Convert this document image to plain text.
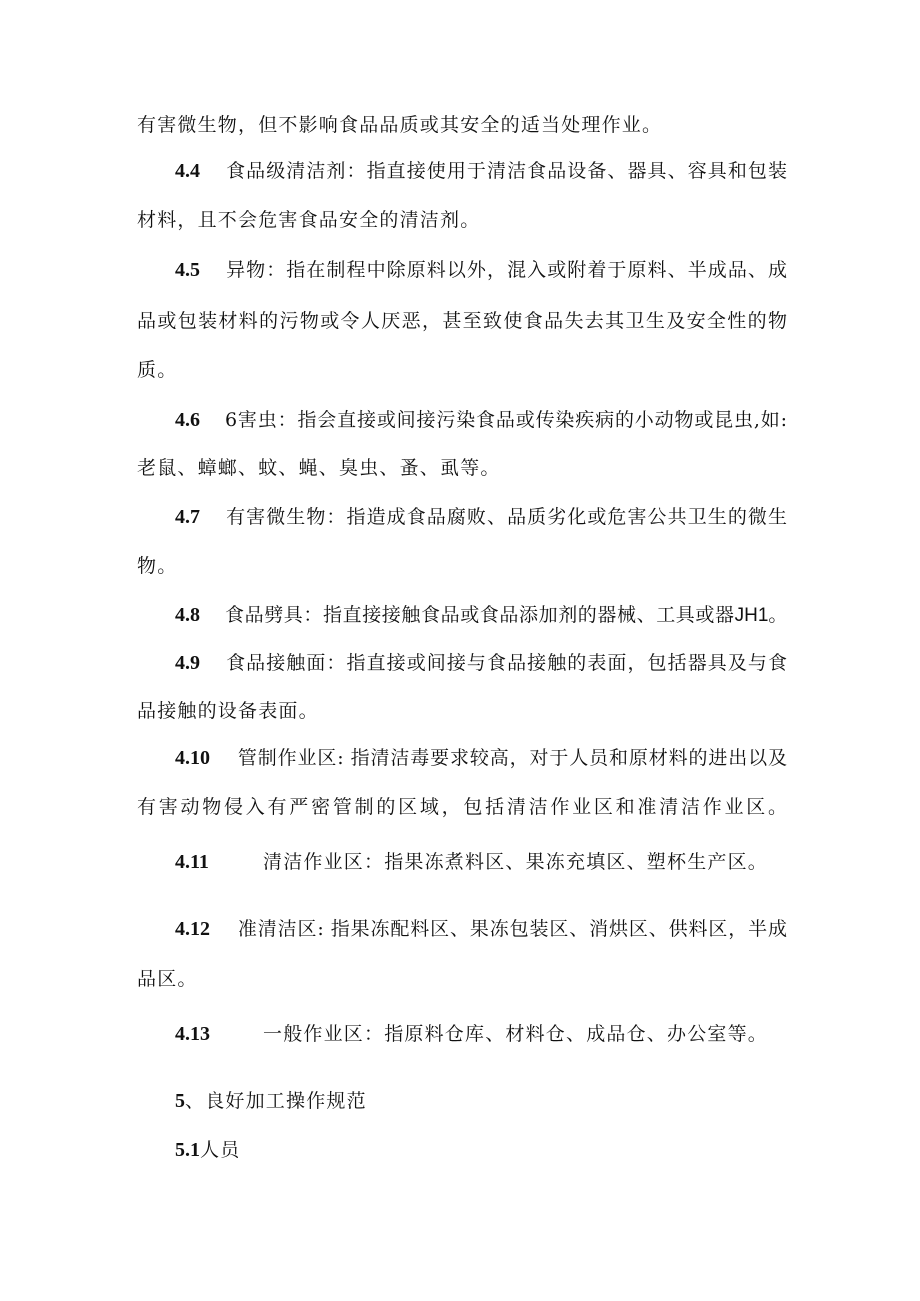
有害微生物，但不影响食品品质或其安全的适当处理作业。
4.4 食品级清洁剂：指直接使用于清洁食品设备、器具、容具和包装
材料，且不会危害食品安全的清洁剂。
4.5 异物：指在制程中除原料以外，混入或附着于原料、半成品、成
品或包装材料的污物或令人厌恶，甚至致使食品失去其卫生及安全性的物
质。
4.6 6害虫：指会直接或间接污染食品或传染疾病的小动物或昆虫,如:
老鼠、蟑螂、蚊、蝇、臭虫、蚤、虱等。
4.7 有害微生物：指造成食品腐败、品质劣化或危害公共卫生的微生
物。
4.8 食品劈具：指直接接触食品或食品添加剂的器械、工具或器JH1。
4.9 食品接触面：指直接或间接与食品接触的表面，包括器具及与食
品接触的设备表面。
4.10 管制作业区: 指清洁毒要求较高，对于人员和原材料的进出以及
有害动物侵入有严密管制的区域，包括清洁作业区和准清洁作业区。
4.11	清洁作业区：指果冻煮料区、果冻充填区、塑杯生产区。
4.12 准清洁区: 指果冻配料区、果冻包装区、消烘区、供料区，半成
品区。
4.13	一般作业区：指原料仓库、材料仓、成品仓、办公室等。
5、良好加工操作规范
5.1人员
